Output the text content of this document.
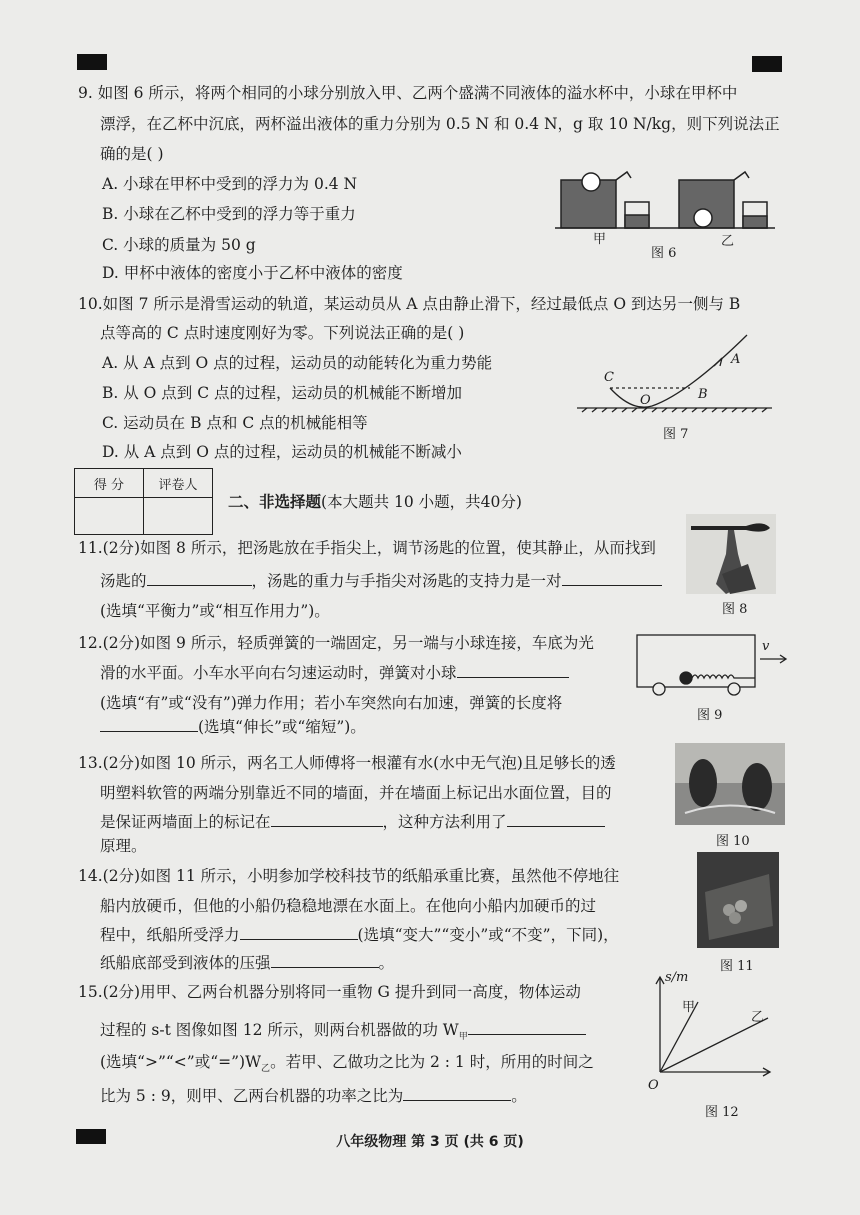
9. 如图 6 所示，将两个相同的小球分别放入甲、乙两个盛满不同液体的溢水杯中，小球在甲杯中
漂浮，在乙杯中沉底，两杯溢出液体的重力分别为 0.5 N 和 0.4 N，g 取 10 N/kg，则下列说法正
确的是( )
A. 小球在甲杯中受到的浮力为 0.4 N
B. 小球在乙杯中受到的浮力等于重力
C. 小球的质量为 50 g
D. 甲杯中液体的密度小于乙杯中液体的密度
甲	乙
图 6
10.如图 7 所示是滑雪运动的轨道，某运动员从 A 点由静止滑下，经过最低点 O 到达另一侧与 B
点等高的 C 点时速度刚好为零。下列说法正确的是( )
A. 从 A 点到 O 点的过程，运动员的动能转化为重力势能
B. 从 O 点到 C 点的过程，运动员的机械能不断增加
C. 运动员在 B 点和 C 点的机械能相等
D. 从 A 点到 O 点的过程，运动员的机械能不断减小
A
B
C
O
图 7
得 分	评卷人

二、非选择题(本大题共 10 小题，共40分)
11.(2分)如图 8 所示，把汤匙放在手指尖上，调节汤匙的位置，使其静止，从而找到
汤匙的	，汤匙的重力与手指尖对汤匙的支持力是一对
(选填“平衡力”或“相互作用力”)。	图 8
12.(2分)如图 9 所示，轻质弹簧的一端固定，另一端与小球连接，车底为光
滑的水平面。小车水平向右匀速运动时，弹簧对小球
(选填“有”或“没有”)弹力作用；若小车突然向右加速，弹簧的长度将
(选填“伸长”或“缩短”)。
v
图 9
13.(2分)如图 10 所示，两名工人师傅将一根灌有水(水中无气泡)且足够长的透
明塑料软管的两端分别靠近不同的墙面，并在墙面上标记出水面位置，目的
是保证两墙面上的标记在	，这种方法利用了
原理。	图 10
14.(2分)如图 11 所示，小明参加学校科技节的纸船承重比赛，虽然他不停地往
船内放硬币，但他的小船仍稳稳地漂在水面上。在他向小船内加硬币的过
程中，纸船所受浮力	(选填“变大”“变小”或“不变”，下同)，
纸船底部受到液体的压强	。	图 11
15.(2分)用甲、乙两台机器分别将同一重物 G 提升到同一高度，物体运动
过程的 s-t 图像如图 12 所示，则两台机器做的功 $W_甲$
(选填“>”“<”或“$=”)W_乙$。若甲、乙做功之比为 2 : 1 时，所用的时间之
比为 5 : 9，则甲、乙两台机器的功率之比为	。
s/m
O
甲
乙
图 12
八年级物理 第 3 页 (共 6 页)
